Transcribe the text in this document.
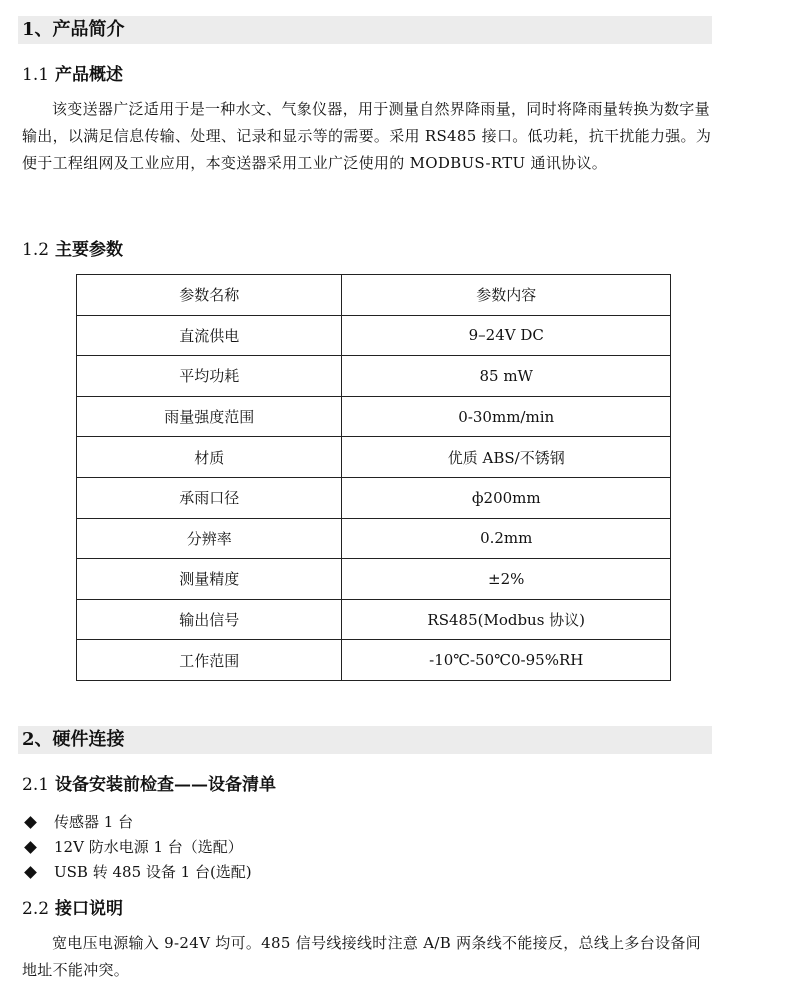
1、产品简介
1.1 产品概述
该变送器广泛适用于是一种水文、气象仪器，用于测量自然界降雨量，同时将降雨量转换为数字量输出，以满足信息传输、处理、记录和显示等的需要。采用 RS485 接口。低功耗，抗干扰能力强。为便于工程组网及工业应用，本变送器采用工业广泛使用的 MODBUS-RTU 通讯协议。
1.2 主要参数
参数名称	参数内容
直流供电	9–24V DC
平均功耗	85 mW
雨量强度范围	0-30mm/min
材质	优质 ABS/不锈钢
承雨口径	ф200mm
分辨率	0.2mm
测量精度	±2%
输出信号	RS485(Modbus 协议)
工作范围	-10℃-50℃0-95%RH
2、硬件连接
2.1 设备安装前检查——设备清单
传感器 1 台
12V 防水电源 1 台（选配）
USB 转 485 设备 1 台(选配)
2.2 接口说明
宽电压电源输入 9-24V 均可。485 信号线接线时注意 A/B 两条线不能接反，总线上多台设备间地址不能冲突。
